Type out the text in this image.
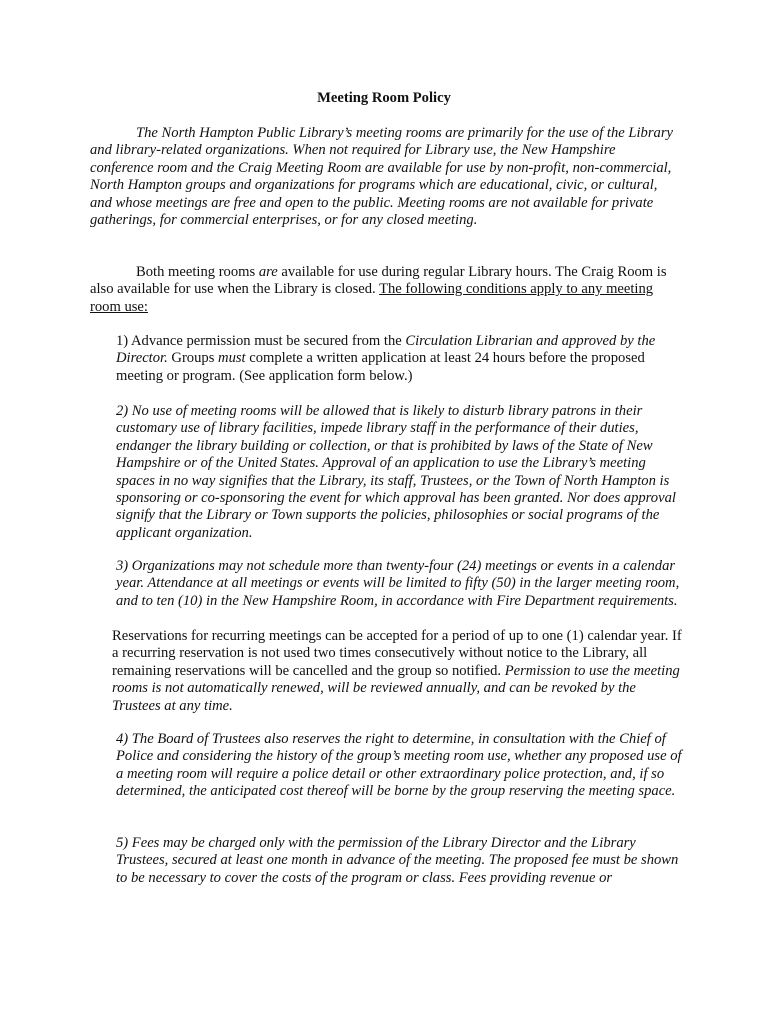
Meeting Room Policy

The North Hampton Public Library’s meeting rooms are primarily for the use of the Library and library-related organizations. When not required for Library use, the New Hampshire conference room and the Craig Meeting Room are available for use by non-profit, non-commercial, North Hampton groups and organizations for programs which are educational, civic, or cultural, and whose meetings are free and open to the public. Meeting rooms are not available for private gatherings, for commercial enterprises, or for any closed meeting.

Both meeting rooms are available for use during regular Library hours. The Craig Room is also available for use when the Library is closed. The following conditions apply to any meeting room use:

1) Advance permission must be secured from the Circulation Librarian and approved by the Director. Groups must complete a written application at least 24 hours before the proposed meeting or program. (See application form below.)

2) No use of meeting rooms will be allowed that is likely to disturb library patrons in their customary use of library facilities, impede library staff in the performance of their duties, endanger the library building or collection, or that is prohibited by laws of the State of New Hampshire or of the United States. Approval of an application to use the Library’s meeting spaces in no way signifies that the Library, its staff, Trustees, or the Town of North Hampton is sponsoring or co-sponsoring the event for which approval has been granted. Nor does approval signify that the Library or Town supports the policies, philosophies or social programs of the applicant organization.

3) Organizations may not schedule more than twenty-four (24) meetings or events in a calendar year. Attendance at all meetings or events will be limited to fifty (50) in the larger meeting room, and to ten (10) in the New Hampshire Room, in accordance with Fire Department requirements.

Reservations for recurring meetings can be accepted for a period of up to one (1) calendar year. If a recurring reservation is not used two times consecutively without notice to the Library, all remaining reservations will be cancelled and the group so notified. Permission to use the meeting rooms is not automatically renewed, will be reviewed annually, and can be revoked by the Trustees at any time.

4) The Board of Trustees also reserves the right to determine, in consultation with the Chief of Police and considering the history of the group’s meeting room use, whether any proposed use of a meeting room will require a police detail or other extraordinary police protection, and, if so determined, the anticipated cost thereof will be borne by the group reserving the meeting space.

5) Fees may be charged only with the permission of the Library Director and the Library Trustees, secured at least one month in advance of the meeting. The proposed fee must be shown to be necessary to cover the costs of the program or class. Fees providing revenue or
